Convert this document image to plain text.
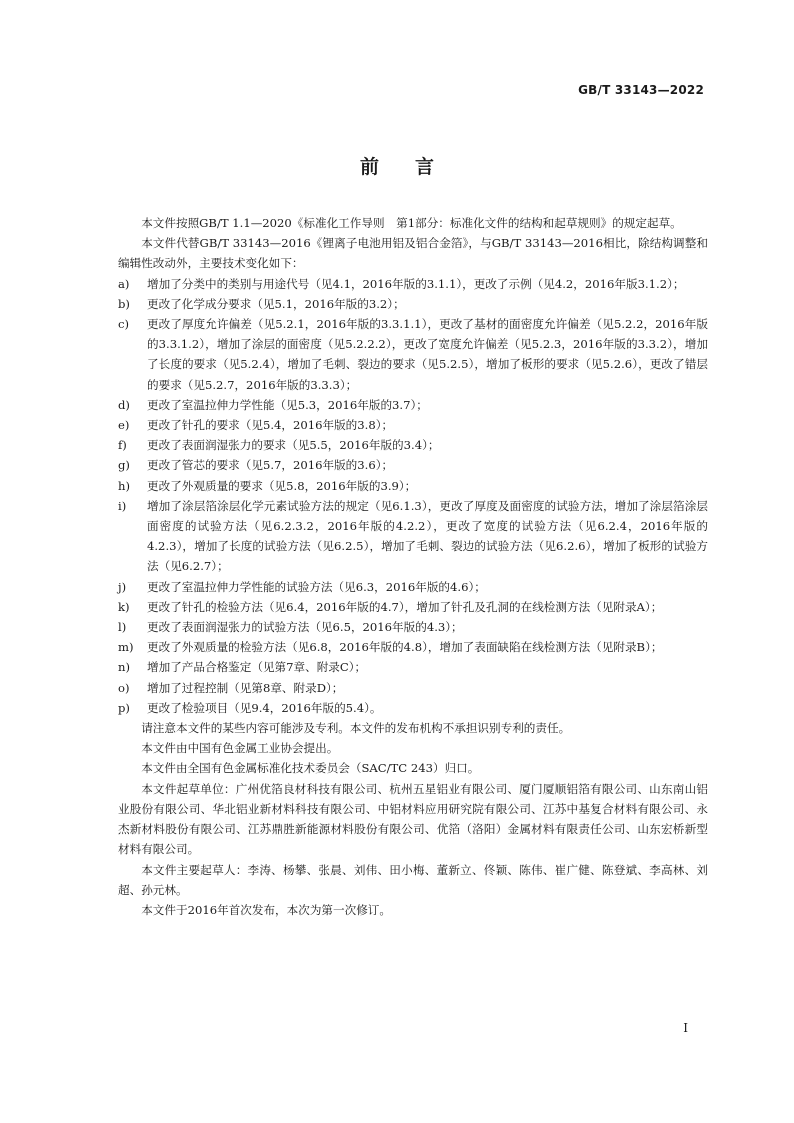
GB/T 33143—2022
前言

本文件按照GB/T 1.1—2020《标准化工作导则　第1部分：标准化文件的结构和起草规则》的规定起草。

本文件代替GB/T 33143—2016《锂离子电池用铝及铝合金箔》，与GB/T 33143—2016相比，除结构调整和编辑性改动外，主要技术变化如下：

a) 增加了分类中的类别与用途代号（见4.1，2016年版的3.1.1），更改了示例（见4.2，2016年版3.1.2）；
b) 更改了化学成分要求（见5.1，2016年版的3.2）；
c) 更改了厚度允许偏差（见5.2.1，2016年版的3.3.1.1），更改了基材的面密度允许偏差（见5.2.2，2016年版的3.3.1.2），增加了涂层的面密度（见5.2.2.2），更改了宽度允许偏差（见5.2.3，2016年版的3.3.2），增加了长度的要求（见5.2.4），增加了毛刺、裂边的要求（见5.2.5），增加了板形的要求（见5.2.6），更改了错层的要求（见5.2.7，2016年版的3.3.3）；
d) 更改了室温拉伸力学性能（见5.3，2016年版的3.7）；
e) 更改了针孔的要求（见5.4，2016年版的3.8）；
f) 更改了表面润湿张力的要求（见5.5，2016年版的3.4）；
g) 更改了管芯的要求（见5.7，2016年版的3.6）；
h) 更改了外观质量的要求（见5.8，2016年版的3.9）；
i) 增加了涂层箔涂层化学元素试验方法的规定（见6.1.3），更改了厚度及面密度的试验方法，增加了涂层箔涂层面密度的试验方法（见6.2.3.2，2016年版的4.2.2），更改了宽度的试验方法（见6.2.4，2016年版的4.2.3），增加了长度的试验方法（见6.2.5），增加了毛刺、裂边的试验方法（见6.2.6），增加了板形的试验方法（见6.2.7）；
j) 更改了室温拉伸力学性能的试验方法（见6.3，2016年版的4.6）；
k) 更改了针孔的检验方法（见6.4，2016年版的4.7），增加了针孔及孔洞的在线检测方法（见附录A）；
l) 更改了表面润湿张力的试验方法（见6.5，2016年版的4.3）；
m) 更改了外观质量的检验方法（见6.8，2016年版的4.8），增加了表面缺陷在线检测方法（见附录B）；
n) 增加了产品合格鉴定（见第7章、附录C）；
o) 增加了过程控制（见第8章、附录D）；
p) 更改了检验项目（见9.4，2016年版的5.4）。

请注意本文件的某些内容可能涉及专利。本文件的发布机构不承担识别专利的责任。

本文件由中国有色金属工业协会提出。

本文件由全国有色金属标准化技术委员会（SAC/TC 243）归口。

本文件起草单位：广州优箔良材科技有限公司、杭州五星铝业有限公司、厦门厦顺铝箔有限公司、山东南山铝业股份有限公司、华北铝业新材料科技有限公司、中铝材料应用研究院有限公司、江苏中基复合材料有限公司、永杰新材料股份有限公司、江苏鼎胜新能源材料股份有限公司、优箔（洛阳）金属材料有限责任公司、山东宏桥新型材料有限公司。

本文件主要起草人：李涛、杨攀、张晨、刘伟、田小梅、董新立、佟颖、陈伟、崔广健、陈登斌、李高林、刘超、孙元林。

本文件于2016年首次发布，本次为第一次修订。

I
